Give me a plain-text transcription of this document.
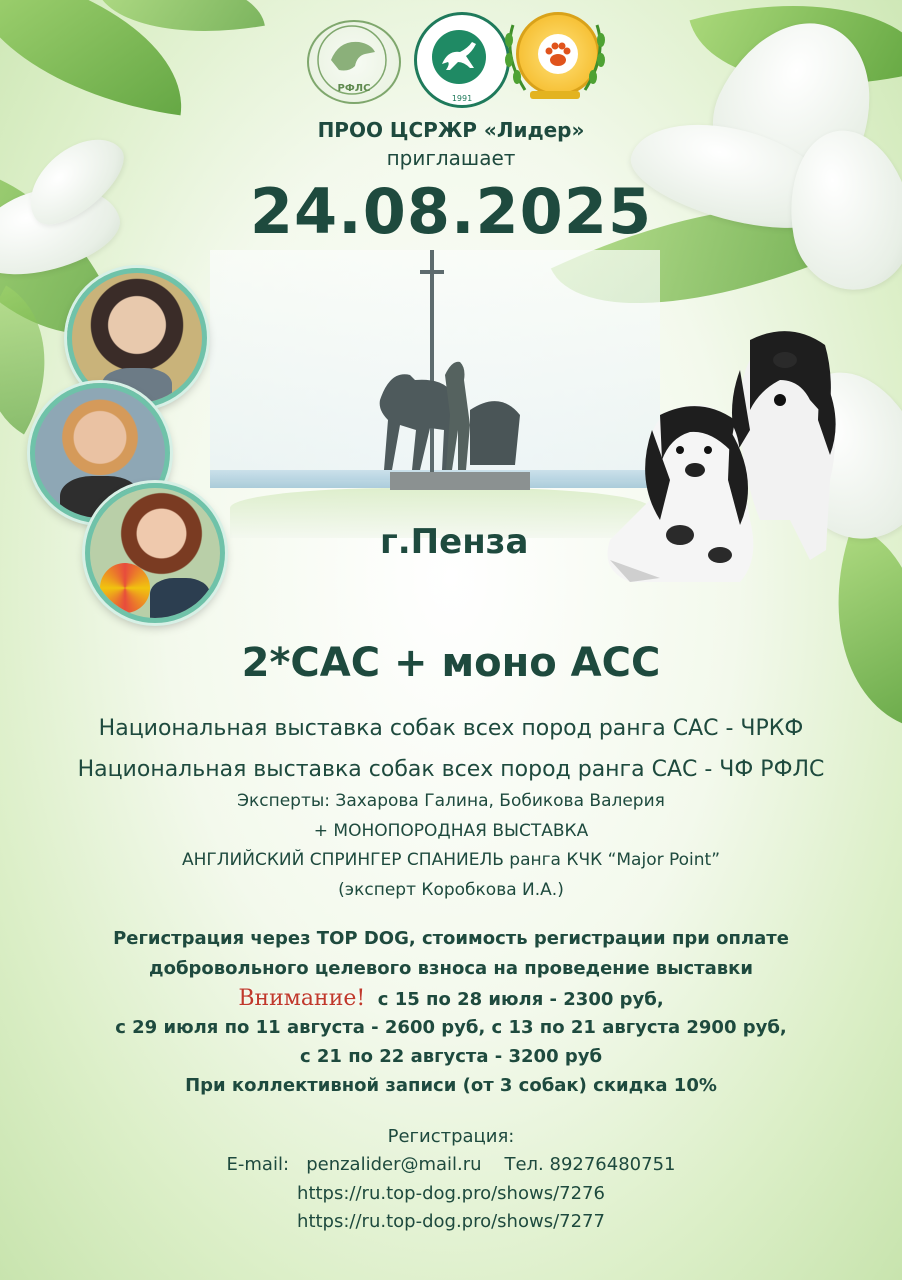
РФЛС
1991
ПРОО ЦСРЖР «Лидер»
приглашает
24.08.2025
г.Пенза
2*CAC + моно АСС
Национальная выставка собак всех пород ранга САС - ЧРКФ
Национальная выставка собак всех пород ранга САС - ЧФ РФЛС
Эксперты: Захарова Галина, Бобикова Валерия
+ МОНОПОРОДНАЯ ВЫСТАВКА
АНГЛИЙСКИЙ СПРИНГЕР СПАНИЕЛЬ ранга КЧК “Major Point”
(эксперт Коробкова И.А.)
Регистрация через TOP DOG, стоимость регистрации при оплате
добровольного целевого взноса на проведение выставки
Внимание! с 15 по 28 июля - 2300 руб,
с 29 июля по 11 августа - 2600 руб, с 13 по 21 августа 2900 руб,
с 21 по 22 августа - 3200 руб
При коллективной записи (от 3 собак) скидка 10%
Регистрация:
E-mail: penzalider@mail.ru Тел. 89276480751
https://ru.top-dog.pro/shows/7276
https://ru.top-dog.pro/shows/7277
